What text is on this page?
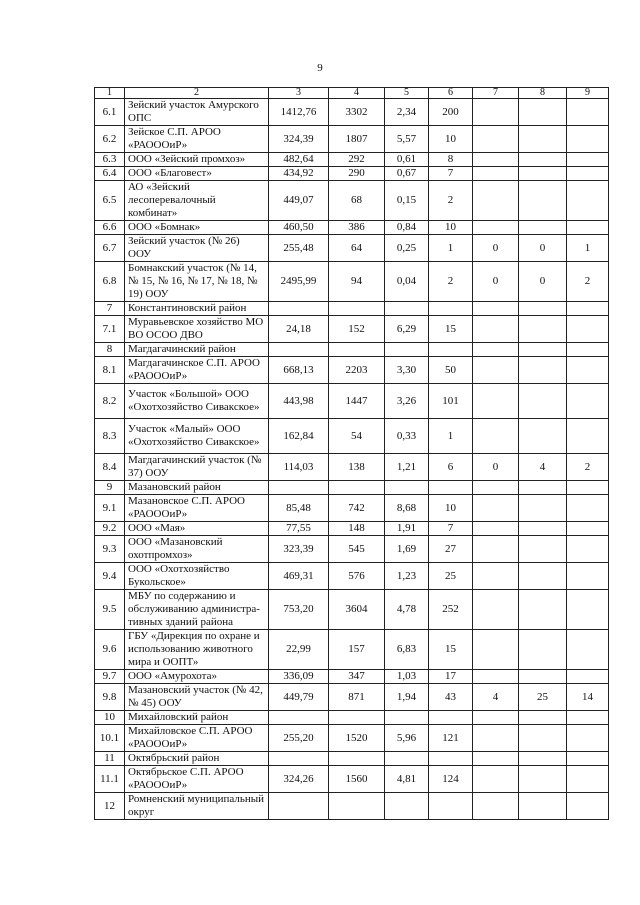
9
1	2	3	4	5	6	7	8	9
6.1	Зейский участок Амурского ОПС	1412,76	3302	2,34	200			
6.2	Зейское С.П. АРОО «РАОООиР»	324,39	1807	5,57	10			
6.3	ООО «Зейский промхоз»	482,64	292	0,61	8			
6.4	ООО «Благовест»	434,92	290	0,67	7			
6.5	АО «Зейский лесоперевалочный комбинат»	449,07	68	0,15	2			
6.6	ООО «Бомнак»	460,50	386	0,84	10			
6.7	Зейский участок (№ 26) ООУ	255,48	64	0,25	1	0	0	1
6.8	Бомнакский участок (№ 14, № 15, № 16, № 17, № 18, № 19) ООУ	2495,99	94	0,04	2	0	0	2
7	Константиновский район							
7.1	Муравьевское хозяйство МО ВО ОСОО ДВО	24,18	152	6,29	15			
8	Магдагачинский район							
8.1	Магдагачинское С.П. АРОО «РАОООиР»	668,13	2203	3,30	50			
8.2	Участок «Большой» ООО «Охотхозяйство Сивакское»	443,98	1447	3,26	101			
8.3	Участок «Малый» ООО «Охотхозяйство Сивакское»	162,84	54	0,33	1			
8.4	Магдагачинский участок (№ 37) ООУ	114,03	138	1,21	6	0	4	2
9	Мазановский район							
9.1	Мазановское С.П. АРОО «РАОООиР»	85,48	742	8,68	10			
9.2	ООО «Мая»	77,55	148	1,91	7			
9.3	ООО «Мазановский охотпромхоз»	323,39	545	1,69	27			
9.4	ООО «Охотхозяйство Букольское»	469,31	576	1,23	25			
9.5	МБУ по содержанию и обслуживанию администра-тивных зданий района	753,20	3604	4,78	252			
9.6	ГБУ «Дирекция по охране и использованию животного мира и ООПТ»	22,99	157	6,83	15			
9.7	ООО «Амурохота»	336,09	347	1,03	17			
9.8	Мазановский участок (№ 42, № 45) ООУ	449,79	871	1,94	43	4	25	14
10	Михайловский район							
10.1	Михайловское С.П. АРОО «РАОООиР»	255,20	1520	5,96	121			
11	Октябрьский район							
11.1	Октябрьское С.П. АРОО «РАОООиР»	324,26	1560	4,81	124			
12	Ромненский муниципальный округ							
